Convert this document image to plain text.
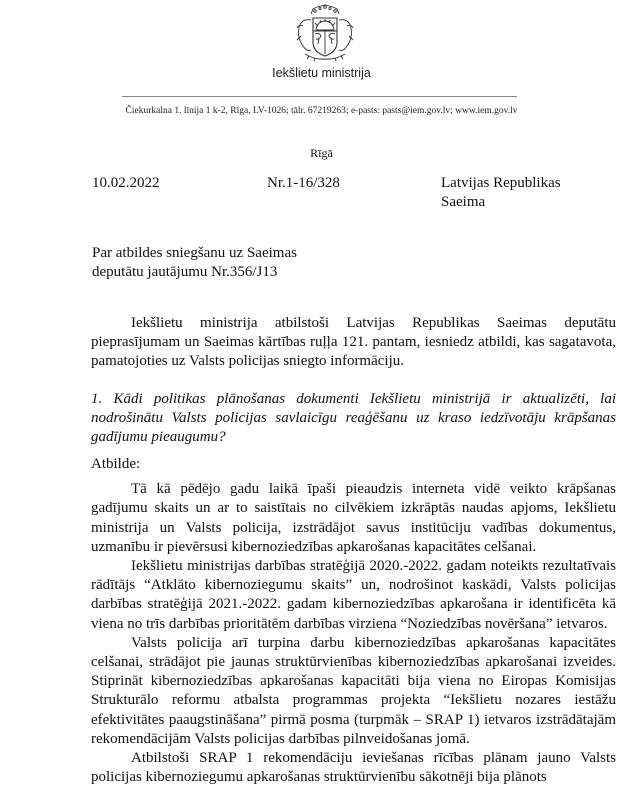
Iekšlietu ministrija
Čiekurkalna 1. līnija 1 k-2, Rīga, LV-1026; tālr. 67219263; e-pasts: pasts@iem.gov.lv; www.iem.gov.lv
Rīgā
10.02.2022	Nr.1-16/328	Latvijas Republikas
Saeima
Par atbildes sniegšanu uz Saeimas
deputātu jautājumu Nr.356/J13

Iekšlietu ministrija atbilstoši Latvijas Republikas Saeimas deputātu pieprasījumam un Saeimas kārtības ruļļa 121. pantam, iesniedz atbildi, kas sagatavota, pamatojoties uz Valsts policijas sniegto informāciju.

1. Kādi politikas plānošanas dokumenti Iekšlietu ministrijā ir aktualizēti, lai nodrošinātu Valsts policijas savlaicīgu reaģēšanu uz kraso iedzīvotāju krāpšanas gadījumu pieaugumu?

Atbilde:

Tā kā pēdējo gadu laikā īpaši pieaudzis interneta vidē veikto krāpšanas gadījumu skaits un ar to saistītais no cilvēkiem izkrāptās naudas apjoms, Iekšlietu ministrija un Valsts policija, izstrādājot savus institūciju vadības dokumentus, uzmanību ir pievērsusi kibernoziedzības apkarošanas kapacitātes celšanai.

Iekšlietu ministrijas darbības stratēģijā 2020.-2022. gadam noteikts rezultatīvais rādītājs “Atklāto kibernoziegumu skaits” un, nodrošinot kaskādi, Valsts policijas darbības stratēģijā 2021.-2022. gadam kibernoziedzības apkarošana ir identificēta kā viena no trīs darbības prioritātēm darbības virziena “Noziedzības novēršana” ietvaros.

Valsts policija arī turpina darbu kibernoziedzības apkarošanas kapacitātes celšanai, strādājot pie jaunas struktūrvienības kibernoziedzības apkarošanai izveides. Stiprināt kibernoziedzības apkarošanas kapacitāti bija viena no Eiropas Komisijas Strukturālo reformu atbalsta programmas projekta “Iekšlietu nozares iestāžu efektivitātes paaugstināšana” pirmā posma (turpmāk – SRAP 1) ietvaros izstrādātajām rekomendācijām Valsts policijas darbības pilnveidošanas jomā.

Atbilstoši SRAP 1 rekomendāciju ieviešanas rīcības plānam jauno Valsts policijas kibernoziegumu apkarošanas struktūrvienību sākotnēji bija plānots
